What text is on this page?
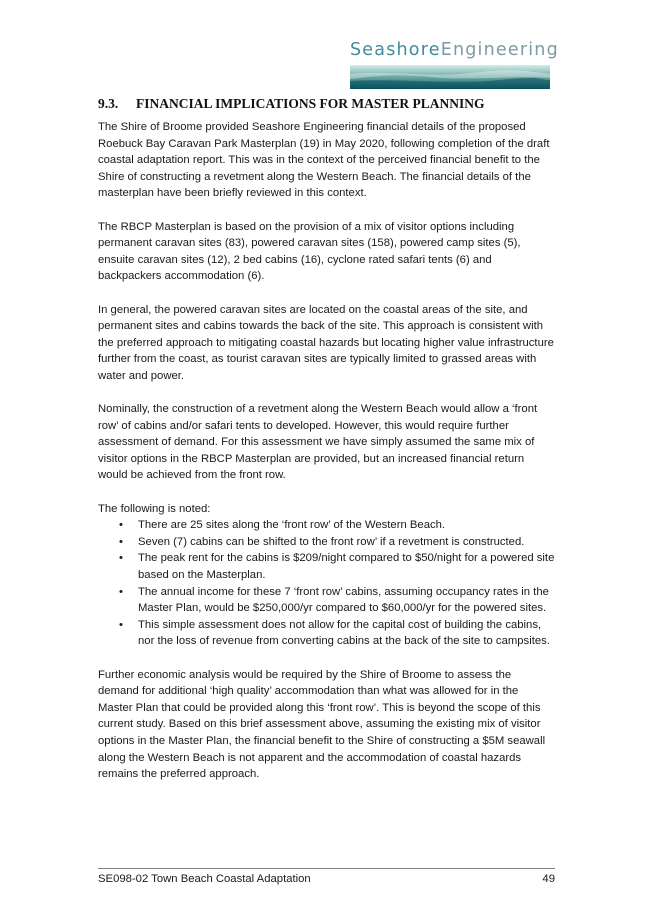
SeashoreEngineering
9.3. FINANCIAL IMPLICATIONS FOR MASTER PLANNING

The Shire of Broome provided Seashore Engineering financial details of the proposed Roebuck Bay Caravan Park Masterplan (19) in May 2020, following completion of the draft coastal adaptation report. This was in the context of the perceived financial benefit to the Shire of constructing a revetment along the Western Beach. The financial details of the masterplan have been briefly reviewed in this context.

The RBCP Masterplan is based on the provision of a mix of visitor options including permanent caravan sites (83), powered caravan sites (158), powered camp sites (5), ensuite caravan sites (12), 2 bed cabins (16), cyclone rated safari tents (6) and backpackers accommodation (6).

In general, the powered caravan sites are located on the coastal areas of the site, and permanent sites and cabins towards the back of the site. This approach is consistent with the preferred approach to mitigating coastal hazards but locating higher value infrastructure further from the coast, as tourist caravan sites are typically limited to grassed areas with water and power.

Nominally, the construction of a revetment along the Western Beach would allow a ‘front row’ of cabins and/or safari tents to developed. However, this would require further assessment of demand. For this assessment we have simply assumed the same mix of visitor options in the RBCP Masterplan are provided, but an increased financial return would be achieved from the front row.

The following is noted:

• There are 25 sites along the ‘front row’ of the Western Beach.
• Seven (7) cabins can be shifted to the front row’ if a revetment is constructed.
• The peak rent for the cabins is $209/night compared to $50/night for a powered site based on the Masterplan.
• The annual income for these 7 ‘front row’ cabins, assuming occupancy rates in the Master Plan, would be $250,000/yr compared to $60,000/yr for the powered sites.
• This simple assessment does not allow for the capital cost of building the cabins, nor the loss of revenue from converting cabins at the back of the site to campsites.

Further economic analysis would be required by the Shire of Broome to assess the demand for additional ‘high quality’ accommodation than what was allowed for in the Master Plan that could be provided along this ‘front row’. This is beyond the scope of this current study. Based on this brief assessment above, assuming the existing mix of visitor options in the Master Plan, the financial benefit to the Shire of constructing a $5M seawall along the Western Beach is not apparent and the accommodation of coastal hazards remains the preferred approach.

SE098-02 Town Beach Coastal Adaptation	49
